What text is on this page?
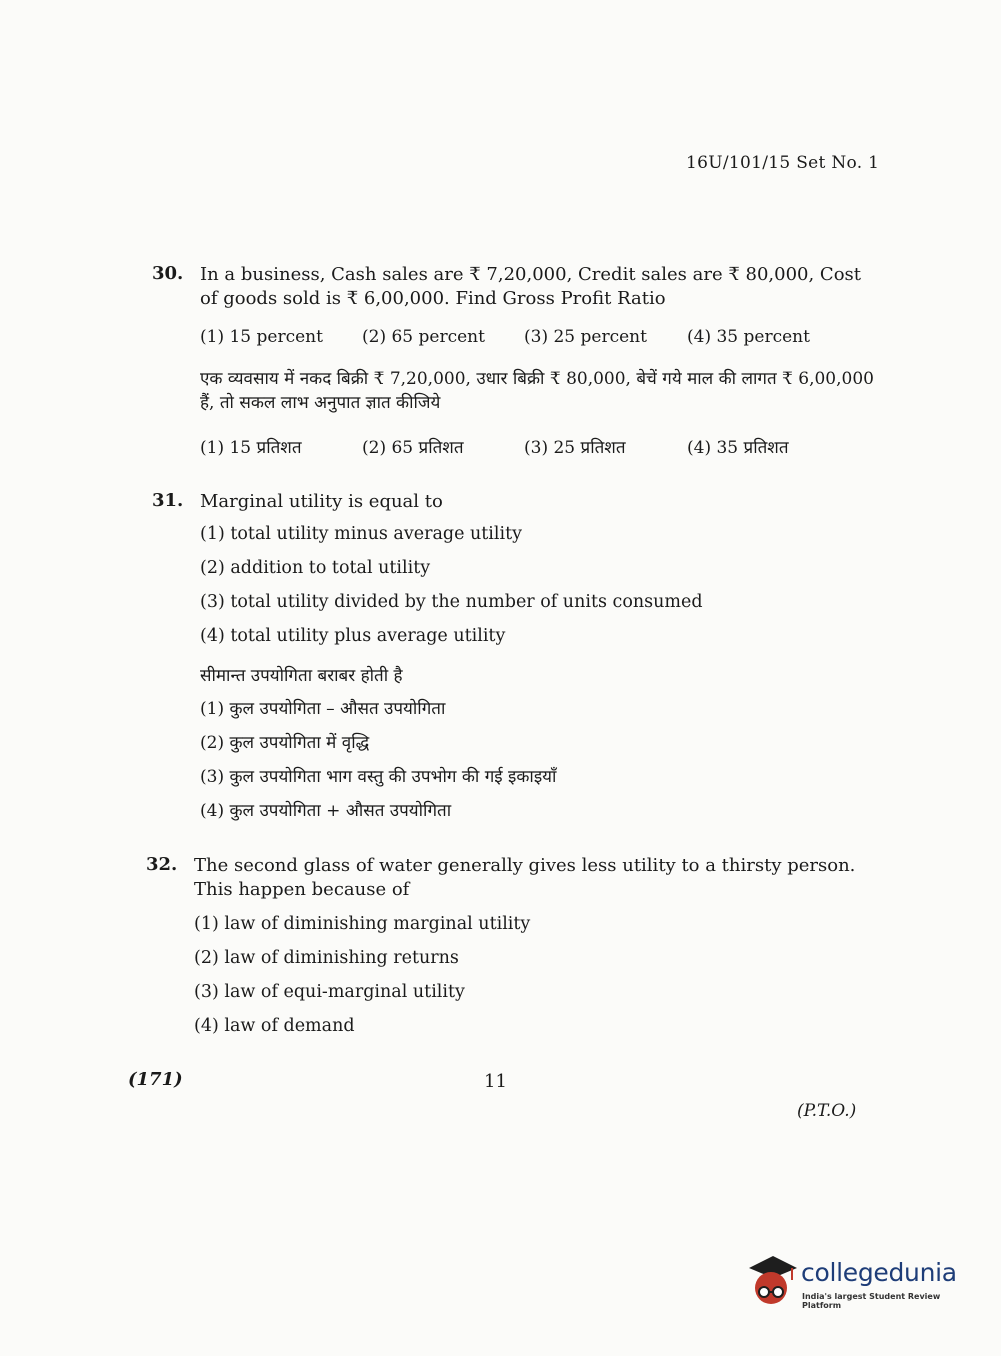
16U/101/15 Set No. 1
30. In a business, Cash sales are ₹ 7,20,000, Credit sales are ₹ 80,000, Cost of goods sold is ₹ 6,00,000. Find Gross Profit Ratio
(1) 15 percent	(2) 65 percent	(3) 25 percent	(4) 35 percent
एक व्यवसाय में नकद बिक्री ₹ 7,20,000, उधार बिक्री ₹ 80,000, बेचें गये माल की लागत ₹ 6,00,000 हैं, तो सकल लाभ अनुपात ज्ञात कीजिये
(1) 15 प्रतिशत	(2) 65 प्रतिशत	(3) 25 प्रतिशत	(4) 35 प्रतिशत
31. Marginal utility is equal to
(1) total utility minus average utility
(2) addition to total utility
(3) total utility divided by the number of units consumed
(4) total utility plus average utility
सीमान्त उपयोगिता बराबर होती है
(1) कुल उपयोगिता – औसत उपयोगिता
(2) कुल उपयोगिता में वृद्धि
(3) कुल उपयोगिता भाग वस्तु की उपभोग की गई इकाइयाँ
(4) कुल उपयोगिता + औसत उपयोगिता
32. The second glass of water generally gives less utility to a thirsty person. This happen because of
(1) law of diminishing marginal utility
(2) law of diminishing returns
(3) law of equi-marginal utility
(4) law of demand
(171)	11
(P.T.O.)
collegedunia
India's largest Student Review Platform
